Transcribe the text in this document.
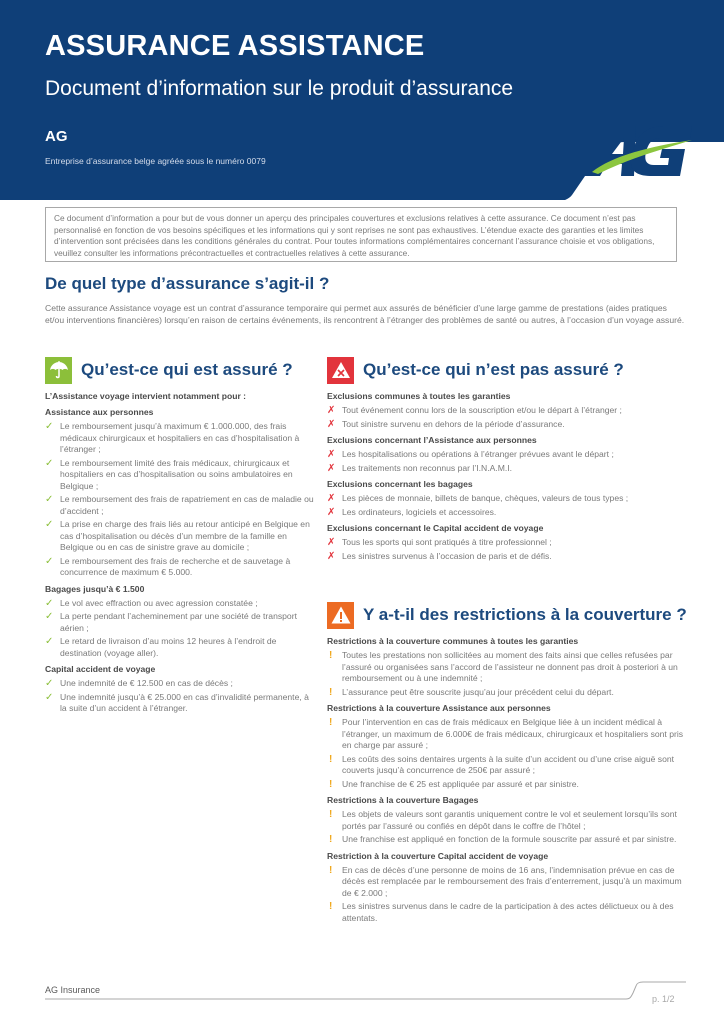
ASSURANCE ASSISTANCE
Document d’information sur le produit d’assurance
AG
Entreprise d’assurance belge agréée sous le numéro 0079
Ce document d’information a pour but de vous donner un aperçu des principales couvertures et exclusions relatives à cette assurance. Ce document n’est pas personnalisé en fonction de vos besoins spécifiques et les informations qui y sont reprises ne sont pas exhaustives. L’étendue exacte des garanties et les limites d’intervention sont précisées dans les conditions générales du contrat. Pour toutes informations complémentaires concernant l’assurance choisie et vos obligations, veuillez consulter les informations précontractuelles et contractuelles relatives à cette assurance.
De quel type d’assurance s’agit-il ?
Cette assurance Assistance voyage est un contrat d’assurance temporaire qui permet aux assurés de bénéficier d’une large gamme de prestations (aides pratiques et/ou interventions financières) lorsqu’en raison de certains événements, ils rencontrent à l’étranger des problèmes de santé ou autres, à l’occasion d’un voyage assuré.
Qu’est-ce qui est assuré ?
L’Assistance voyage intervient notamment pour :
Assistance aux personnes
✓ Le remboursement jusqu’à maximum € 1.000.000, des frais médicaux chirurgicaux et hospitaliers en cas d’hospitalisation à l’étranger ;
✓ Le remboursement limité des frais médicaux, chirurgicaux et hospitaliers en cas d’hospitalisation ou soins ambulatoires en Belgique ;
✓ Le remboursement des frais de rapatriement en cas de maladie ou d’accident ;
✓ La prise en charge des frais liés au retour anticipé en Belgique en cas d’hospitalisation ou décès d’un membre de la famille en Belgique ou en cas de sinistre grave au domicile ;
✓ Le remboursement des frais de recherche et de sauvetage à concurrence de maximum € 5.000.
Bagages jusqu’à € 1.500
✓ Le vol avec effraction ou avec agression constatée ;
✓ La perte pendant l’acheminement par une société de transport aérien ;
✓ Le retard de livraison d’au moins 12 heures à l’endroit de destination (voyage aller).
Capital accident de voyage
✓ Une indemnité de € 12.500 en cas de décès ;
✓ Une indemnité jusqu’à € 25.000 en cas d’invalidité permanente, à la suite d’un accident à l’étranger.
Qu’est-ce qui n’est pas assuré ?
Exclusions communes à toutes les garanties
✗ Tout événement connu lors de la souscription et/ou le départ à l’étranger ;
✗ Tout sinistre survenu en dehors de la période d’assurance.
Exclusions concernant l’Assistance aux personnes
✗ Les hospitalisations ou opérations à l’étranger prévues avant le départ ;
✗ Les traitements non reconnus par l’I.N.A.M.I.
Exclusions concernant les bagages
✗ Les pièces de monnaie, billets de banque, chèques, valeurs de tous types ;
✗ Les ordinateurs, logiciels et accessoires.
Exclusions concernant le Capital accident de voyage
✗ Tous les sports qui sont pratiqués à titre professionnel ;
✗ Les sinistres survenus à l’occasion de paris et de défis.
Y a-t-il des restrictions à la couverture ?
Restrictions à la couverture communes à toutes les garanties
! Toutes les prestations non sollicitées au moment des faits ainsi que celles refusées par l’assuré ou organisées sans l’accord de l’assisteur ne donnent pas droit à posteriori à un remboursement ou à une indemnité ;
! L’assurance peut être souscrite jusqu’au jour précédent celui du départ.
Restrictions à la couverture Assistance aux personnes
! Pour l’intervention en cas de frais médicaux en Belgique liée à un incident médical à l’étranger, un maximum de 6.000€ de frais médicaux, chirurgicaux et hospitaliers sont pris en charge par assuré ;
! Les coûts des soins dentaires urgents à la suite d’un accident ou d’une crise aiguë sont couverts jusqu’à concurrence de 250€ par assuré ;
! Une franchise de € 25 est appliquée par assuré et par sinistre.
Restrictions à la couverture Bagages
! Les objets de valeurs sont garantis uniquement contre le vol et seulement lorsqu’ils sont portés par l’assuré ou confiés en dépôt dans le coffre de l’hôtel ;
! Une franchise est appliqué en fonction de la formule souscrite par assuré et par sinistre.
Restriction à la couverture Capital accident de voyage
! En cas de décès d’une personne de moins de 16 ans, l’indemnisation prévue en cas de décès est remplacée par le remboursement des frais d’enterrement, jusqu’à un maximum de € 2.000 ;
! Les sinistres survenus dans le cadre de la participation à des actes délictueux ou à des attentats.
AG Insurance
p. 1/2
